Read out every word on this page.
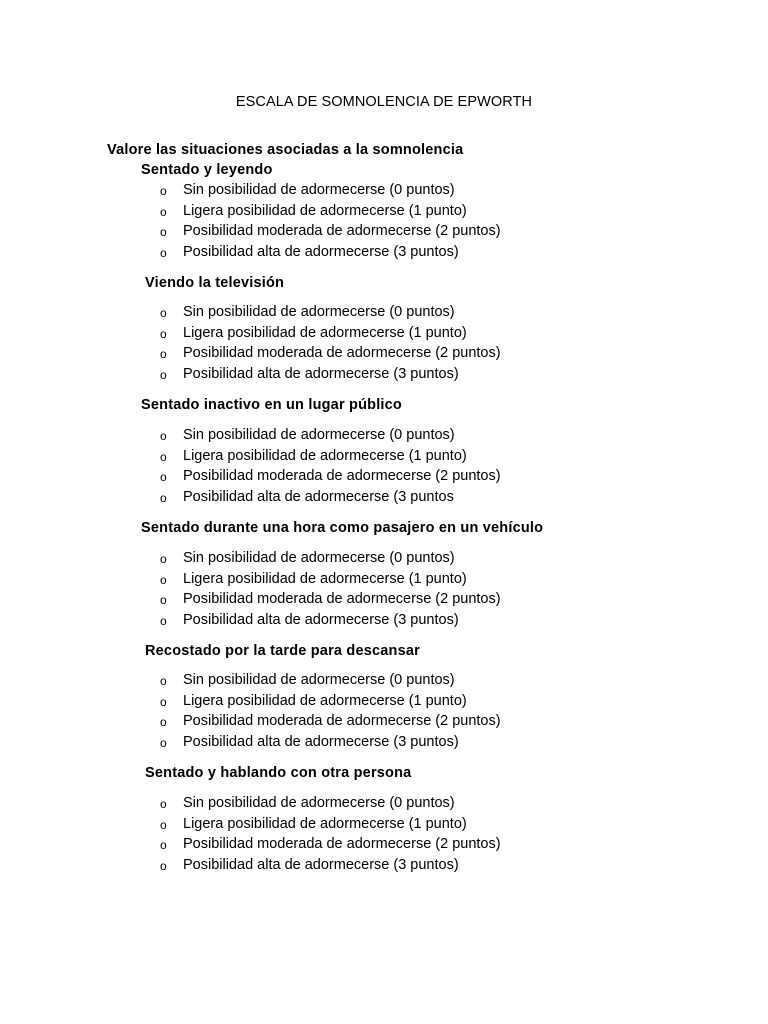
ESCALA DE SOMNOLENCIA DE EPWORTH
Valore las situaciones asociadas a la somnolencia
Sentado y leyendo
o	Sin posibilidad de adormecerse (0 puntos)
o	Ligera posibilidad de adormecerse (1 punto)
o	Posibilidad moderada de adormecerse (2 puntos)
o	Posibilidad alta de adormecerse (3 puntos)
Viendo la televisión
o	Sin posibilidad de adormecerse (0 puntos)
o	Ligera posibilidad de adormecerse (1 punto)
o	Posibilidad moderada de adormecerse (2 puntos)
o	Posibilidad alta de adormecerse (3 puntos)
Sentado inactivo en un lugar público
o	Sin posibilidad de adormecerse (0 puntos)
o	Ligera posibilidad de adormecerse (1 punto)
o	Posibilidad moderada de adormecerse (2 puntos)
o	Posibilidad alta de adormecerse (3 puntos
Sentado durante una hora como pasajero en un vehículo
o	Sin posibilidad de adormecerse (0 puntos)
o	Ligera posibilidad de adormecerse (1 punto)
o	Posibilidad moderada de adormecerse (2 puntos)
o	Posibilidad alta de adormecerse (3 puntos)
Recostado por la tarde para descansar
o	Sin posibilidad de adormecerse (0 puntos)
o	Ligera posibilidad de adormecerse (1 punto)
o	Posibilidad moderada de adormecerse (2 puntos)
o	Posibilidad alta de adormecerse (3 puntos)
Sentado y hablando con otra persona
o	Sin posibilidad de adormecerse (0 puntos)
o	Ligera posibilidad de adormecerse (1 punto)
o	Posibilidad moderada de adormecerse (2 puntos)
o	Posibilidad alta de adormecerse (3 puntos)
